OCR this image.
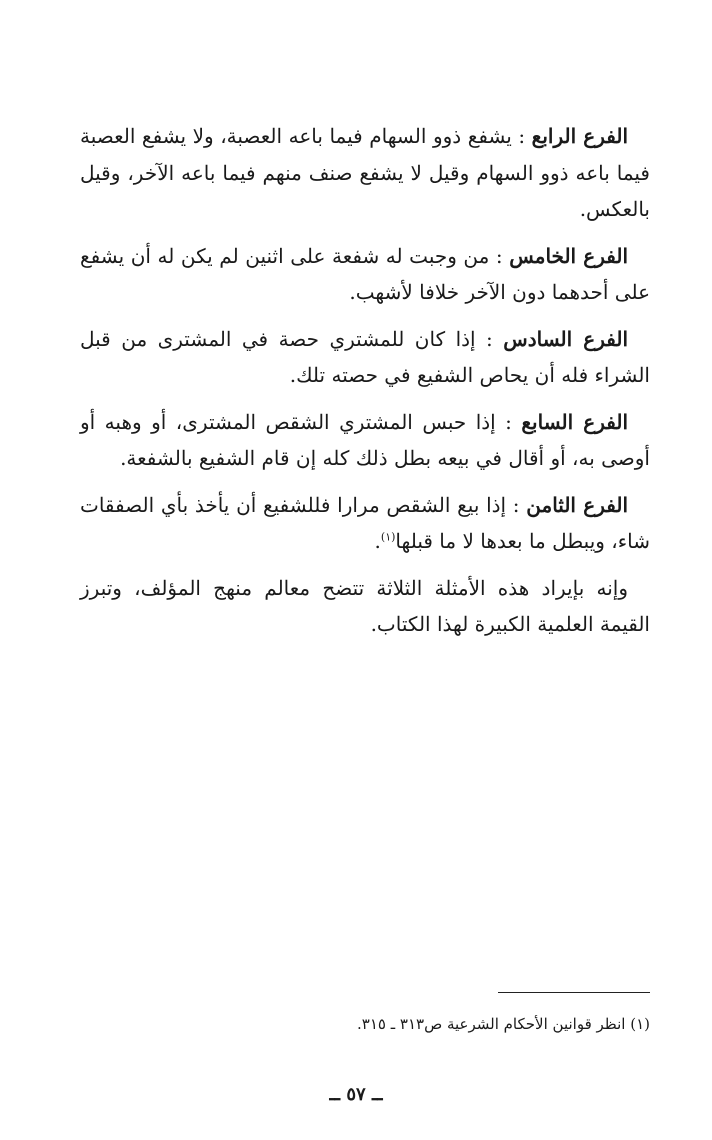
الفرع الرابع : يشفع ذوو السهام فيما باعه العصبة، ولا يشفع العصبة فيما باعه ذوو السهام وقيل لا يشفع صنف منهم فيما باعه الآخر، وقيل بالعكس.

الفرع الخامس : من وجبت له شفعة على اثنين لم يكن له أن يشفع على أحدهما دون الآخر خلافا لأشهب.

الفرع السادس : إذا كان للمشتري حصة في المشترى من قبل الشراء فله أن يحاص الشفيع في حصته تلك.

الفرع السابع : إذا حبس المشتري الشقص المشترى، أو وهبه أو أوصى به، أو أقال في بيعه بطل ذلك كله إن قام الشفيع بالشفعة.

الفرع الثامن : إذا بيع الشقص مرارا فللشفيع أن يأخذ بأي الصفقات شاء، ويبطل ما بعدها لا ما قبلها$^{(١)}$.

وإنه بإيراد هذه الأمثلة الثلاثة تتضح معالم منهج المؤلف، وتبرز القيمة العلمية الكبيرة لهذا الكتاب.

(١) انظر قوانين الأحكام الشرعية ص٣١٣ ـ ٣١٥.

ــ ٥٧ ــ
